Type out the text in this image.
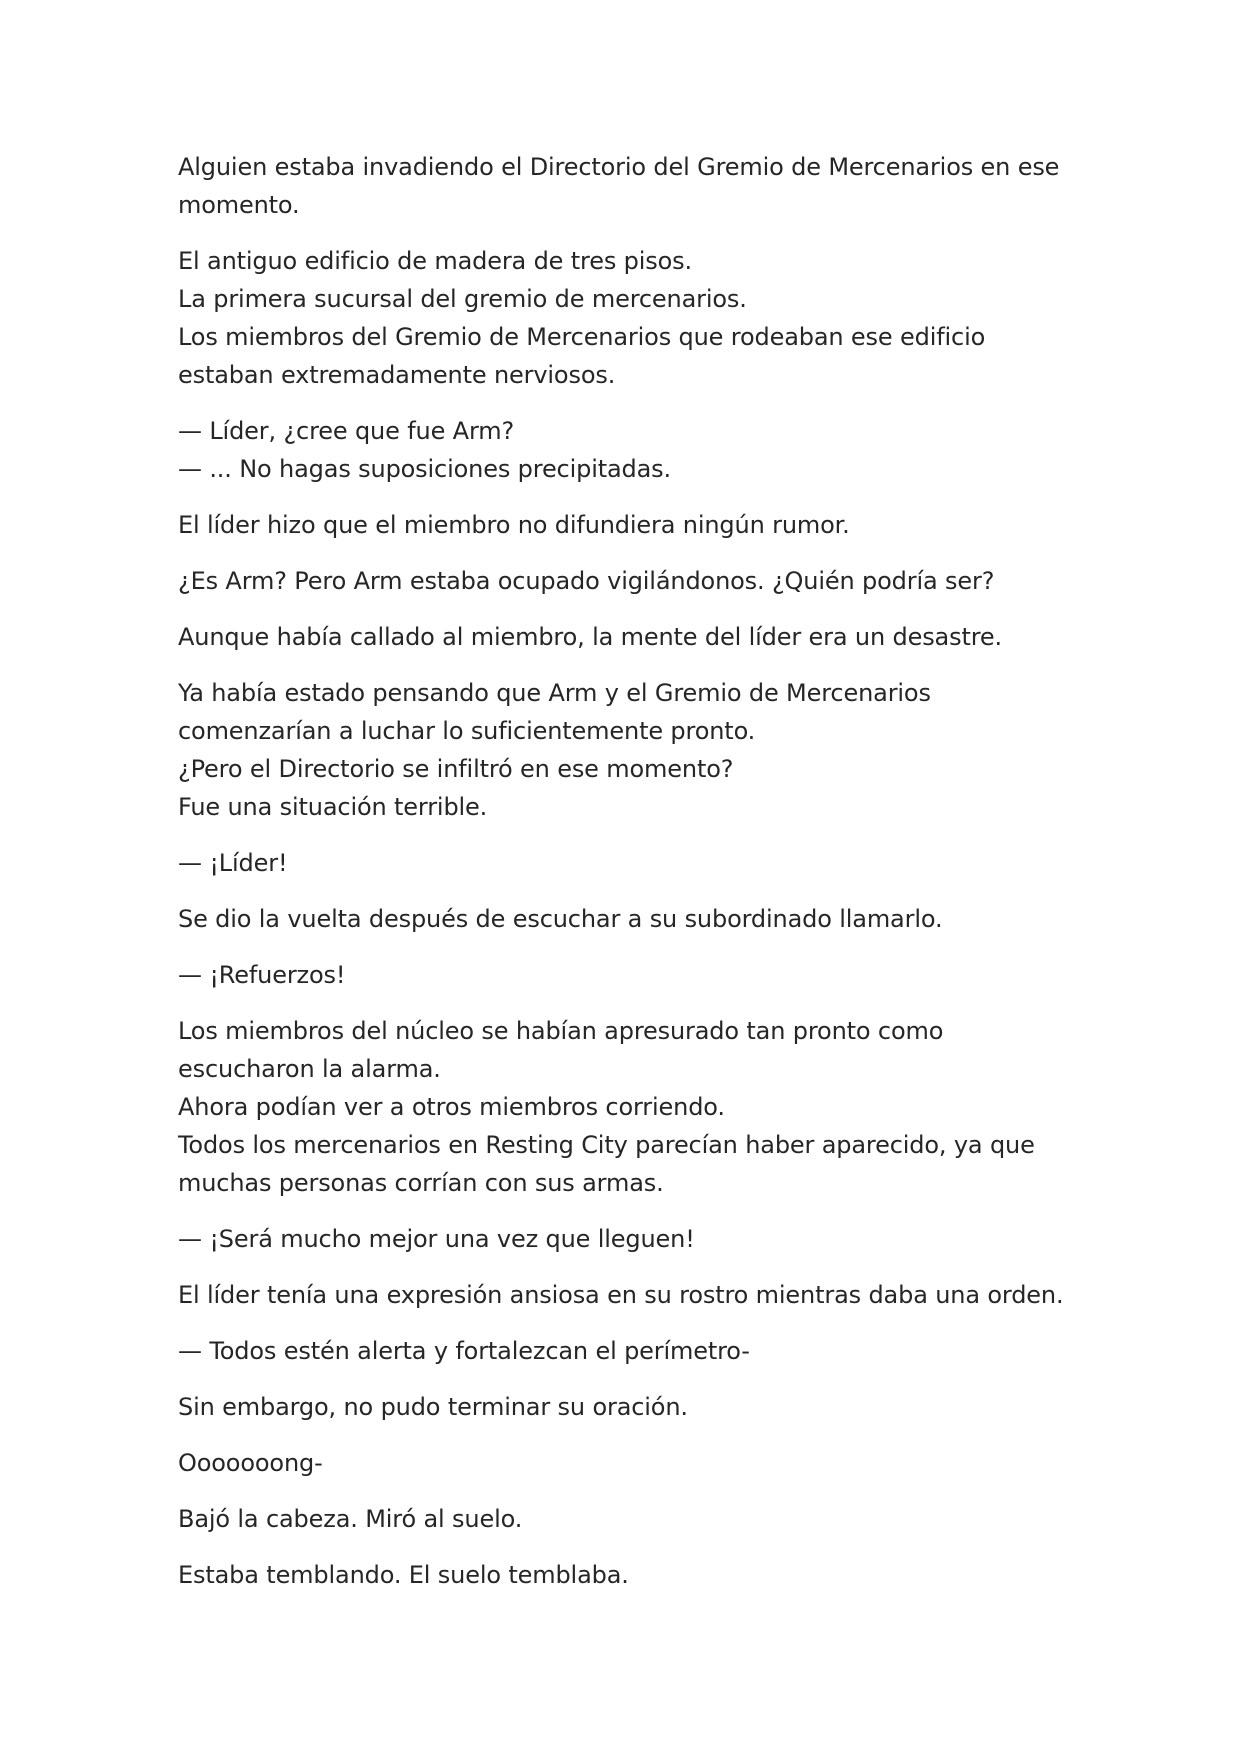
Alguien estaba invadiendo el Directorio del Gremio de Mercenarios en ese
momento.

El antiguo edificio de madera de tres pisos.
La primera sucursal del gremio de mercenarios.
Los miembros del Gremio de Mercenarios que rodeaban ese edificio
estaban extremadamente nerviosos.

— Líder, ¿cree que fue Arm?
— ... No hagas suposiciones precipitadas.

El líder hizo que el miembro no difundiera ningún rumor.

¿Es Arm? Pero Arm estaba ocupado vigilándonos. ¿Quién podría ser?

Aunque había callado al miembro, la mente del líder era un desastre.

Ya había estado pensando que Arm y el Gremio de Mercenarios
comenzarían a luchar lo suficientemente pronto.
¿Pero el Directorio se infiltró en ese momento?
Fue una situación terrible.

— ¡Líder!

Se dio la vuelta después de escuchar a su subordinado llamarlo.

— ¡Refuerzos!

Los miembros del núcleo se habían apresurado tan pronto como
escucharon la alarma.
Ahora podían ver a otros miembros corriendo.
Todos los mercenarios en Resting City parecían haber aparecido, ya que
muchas personas corrían con sus armas.

— ¡Será mucho mejor una vez que lleguen!

El líder tenía una expresión ansiosa en su rostro mientras daba una orden.

— Todos estén alerta y fortalezcan el perímetro-

Sin embargo, no pudo terminar su oración.

Ooooooong-

Bajó la cabeza. Miró al suelo.

Estaba temblando. El suelo temblaba.
